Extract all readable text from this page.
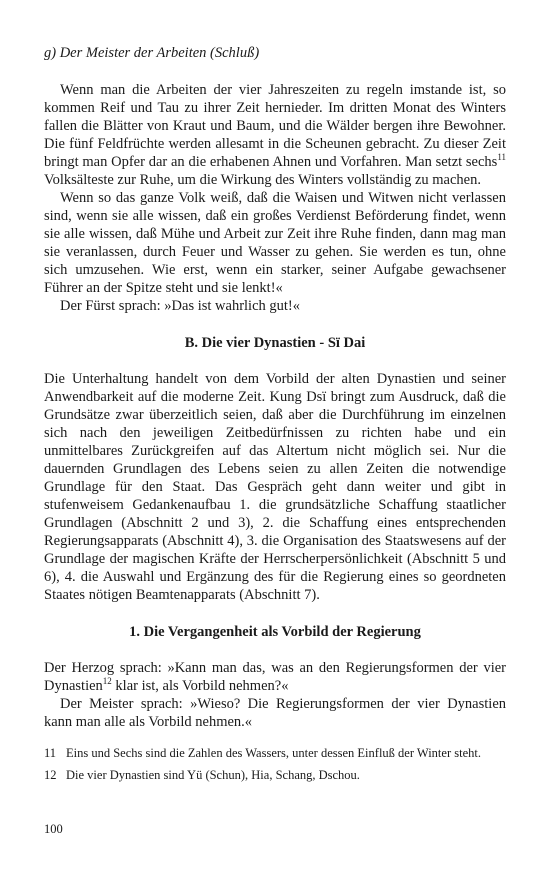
g) Der Meister der Arbeiten (Schluß)

Wenn man die Arbeiten der vier Jahreszeiten zu regeln imstande ist, so kommen Reif und Tau zu ihrer Zeit hernieder. Im dritten Monat des Winters fallen die Blätter von Kraut und Baum, und die Wälder bergen ihre Bewohner. Die fünf Feldfrüchte werden allesamt in die Scheunen gebracht. Zu dieser Zeit bringt man Opfer dar an die erhabenen Ahnen und Vorfahren. Man setzt sechs$^{11}$ Volksälteste zur Ruhe, um die Wirkung des Winters vollständig zu machen.

Wenn so das ganze Volk weiß, daß die Waisen und Witwen nicht verlassen sind, wenn sie alle wissen, daß ein großes Verdienst Beförderung findet, wenn sie alle wissen, daß Mühe und Arbeit zur Zeit ihre Ruhe finden, dann mag man sie veranlassen, durch Feuer und Wasser zu gehen. Sie werden es tun, ohne sich umzusehen. Wie erst, wenn ein starker, seiner Aufgabe gewachsener Führer an der Spitze steht und sie lenkt!«

Der Fürst sprach: »Das ist wahrlich gut!«

B. Die vier Dynastien - Sï Dai

Die Unterhaltung handelt von dem Vorbild der alten Dynastien und seiner Anwendbarkeit auf die moderne Zeit. Kung Dsï bringt zum Ausdruck, daß die Grundsätze zwar überzeitlich seien, daß aber die Durchführung im einzelnen sich nach den jeweiligen Zeitbedürfnissen zu richten habe und ein unmittelbares Zurückgreifen auf das Altertum nicht möglich sei. Nur die dauernden Grundlagen des Lebens seien zu allen Zeiten die notwendige Grundlage für den Staat. Das Gespräch geht dann weiter und gibt in stufenweisem Gedankenaufbau 1. die grundsätzliche Schaffung staatlicher Grundlagen (Abschnitt 2 und 3), 2. die Schaffung eines entsprechenden Regierungsapparats (Abschnitt 4), 3. die Organisation des Staatswesens auf der Grundlage der magischen Kräfte der Herrscherpersönlichkeit (Abschnitt 5 und 6), 4. die Auswahl und Ergänzung des für die Regierung eines so geordneten Staates nötigen Beamtenapparats (Abschnitt 7).

1. Die Vergangenheit als Vorbild der Regierung

Der Herzog sprach: »Kann man das, was an den Regierungsformen der vier Dynastien$^{12}$ klar ist, als Vorbild nehmen?«

Der Meister sprach: »Wieso? Die Regierungsformen der vier Dynastien kann man alle als Vorbild nehmen.«

11 Eins und Sechs sind die Zahlen des Wassers, unter dessen Einfluß der Winter steht.
12 Die vier Dynastien sind Yü (Schun), Hia, Schang, Dschou.
100
